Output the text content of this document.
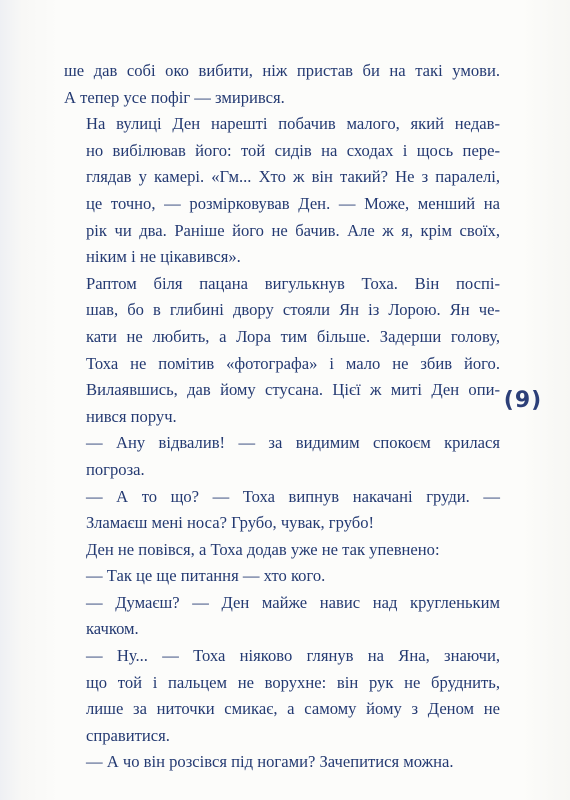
ше дав собі око вибити, ніж пристав би на такі умови.
А тепер усе пофіг — змирився.
На вулиці Ден нарешті побачив малого, який недав-
но вибілював його: той сидів на сходах і щось пере-
глядав у камері. «Гм... Хто ж він такий? Не з паралелі,
це точно, — розмірковував Ден. — Може, менший на
рік чи два. Раніше його не бачив. Але ж я, крім своїх,
ніким і не цікавився».
Раптом біля пацана вигулькнув Тоха. Він поспі-
шав, бо в глибині двору стояли Ян із Лорою. Ян че-
кати не любить, а Лора тим більше. Задерши голову,
Тоха не помітив «фотографа» і мало не збив його.
Вилаявшись, дав йому стусана. Цієї ж миті Ден опи-
нився поруч.
— Ану відвалив! — за видимим спокоєм крилася
погроза.
— А то що? — Тоха випнув накачані груди. —
Зламаєш мені носа? Грубо, чувак, грубо!
Ден не повівся, а Тоха додав уже не так упевнено:
— Так це ще питання — хто кого.
— Думаєш? — Ден майже навис над кругленьким
качком.
— Ну... — Тоха ніяково глянув на Яна, знаючи,
що той і пальцем не ворухне: він рук не бруднить,
лише за ниточки смикає, а самому йому з Деном не
справитися.
— А чо він розсівся під ногами? Зачепитися можна.
(9)
